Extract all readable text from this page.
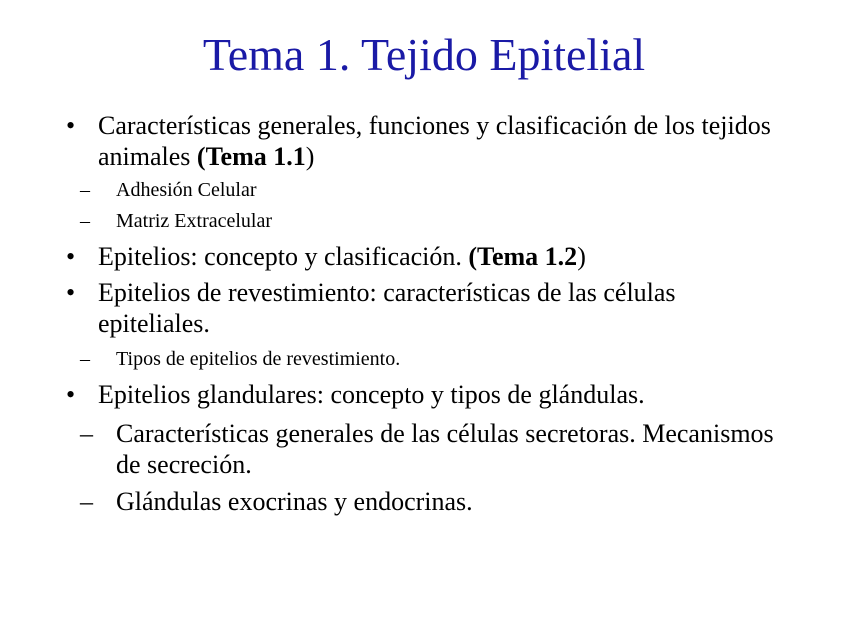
Tema 1. Tejido Epitelial
• Características generales, funciones y clasificación de los tejidos animales (Tema 1.1)
– Adhesión Celular
– Matriz Extracelular
• Epitelios: concepto y clasificación. (Tema 1.2)
• Epitelios de revestimiento: características de las células epiteliales.
– Tipos de epitelios de revestimiento.
• Epitelios glandulares: concepto y tipos de glándulas.
– Características generales de las células secretoras. Mecanismos de secreción.
– Glándulas exocrinas y endocrinas.
